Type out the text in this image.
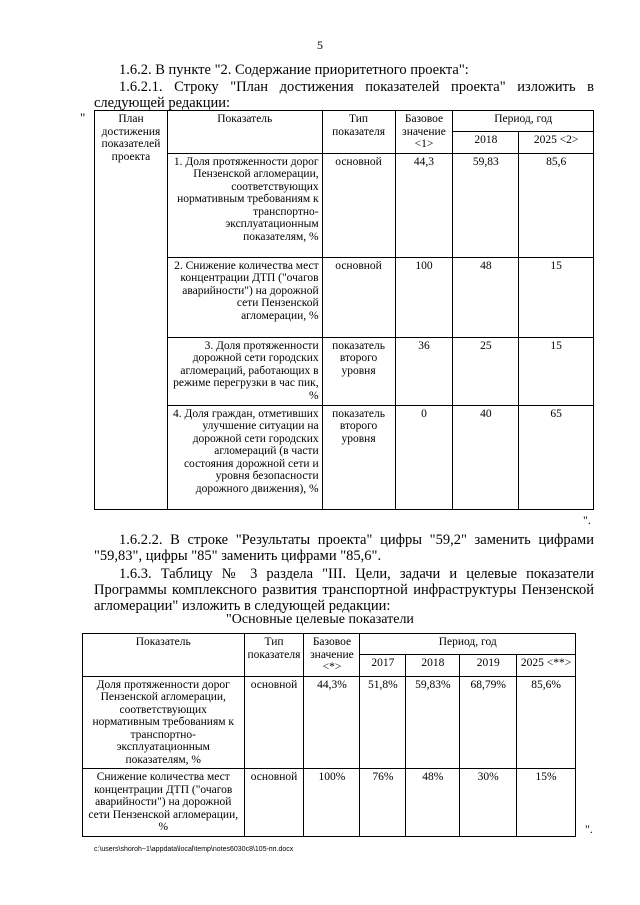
5
1.6.2. В пункте "2. Содержание приоритетного проекта":
1.6.2.1. Строку "План достижения показателей проекта" изложить в следующей редакции:
"	План достижения показателей проекта	Показатель	Тип показателя	Базовое значение <1>	Период, год	
				2018	2025 <2>
	1. Доля протяженности дорог Пензенской агломерации, соответствующих нормативным требованиям к транспортно-эксплуатационным показателям, %	основной	44,3	59,83	85,6
	2. Снижение количества мест концентрации ДТП ("очагов аварийности") на дорожной сети Пензенской агломерации, %	основной	100	48	15
	3. Доля протяженности дорожной сети городских агломераций, работающих в режиме перегрузки в час пик, %	показатель второго уровня	36	25	15
	4. Доля граждан, отметивших улучшение ситуации на дорожной сети городских агломераций (в части состояния дорожной сети и уровня безопасности дорожного движения), %	показатель второго уровня	0	40	65
".
1.6.2.2. В строке "Результаты проекта" цифры "59,2" заменить цифрами "59,83", цифры "85" заменить цифрами "85,6".
1.6.3. Таблицу № 3 раздела "III. Цели, задачи и целевые показатели Программы комплексного развития транспортной инфраструктуры Пензенской агломерации" изложить в следующей редакции:
"Основные целевые показатели
Показатель	Тип показателя	Базовое значение <*>	Период, год			
			2017	2018	2019	2025 <**>
Доля протяженности дорог Пензенской агломерации, соответствующих нормативным требованиям к транспортно-эксплуатационным показателям, %	основной	44,3%	51,8%	59,83%	68,79%	85,6%
Снижение количества мест концентрации ДТП ("очагов аварийности") на дорожной сети Пензенской агломерации, %	основной	100%	76%	48%	30%	15%
".
c:\users\shoroh~1\appdata\local\temp\notes6030c8\105-пп.docx
